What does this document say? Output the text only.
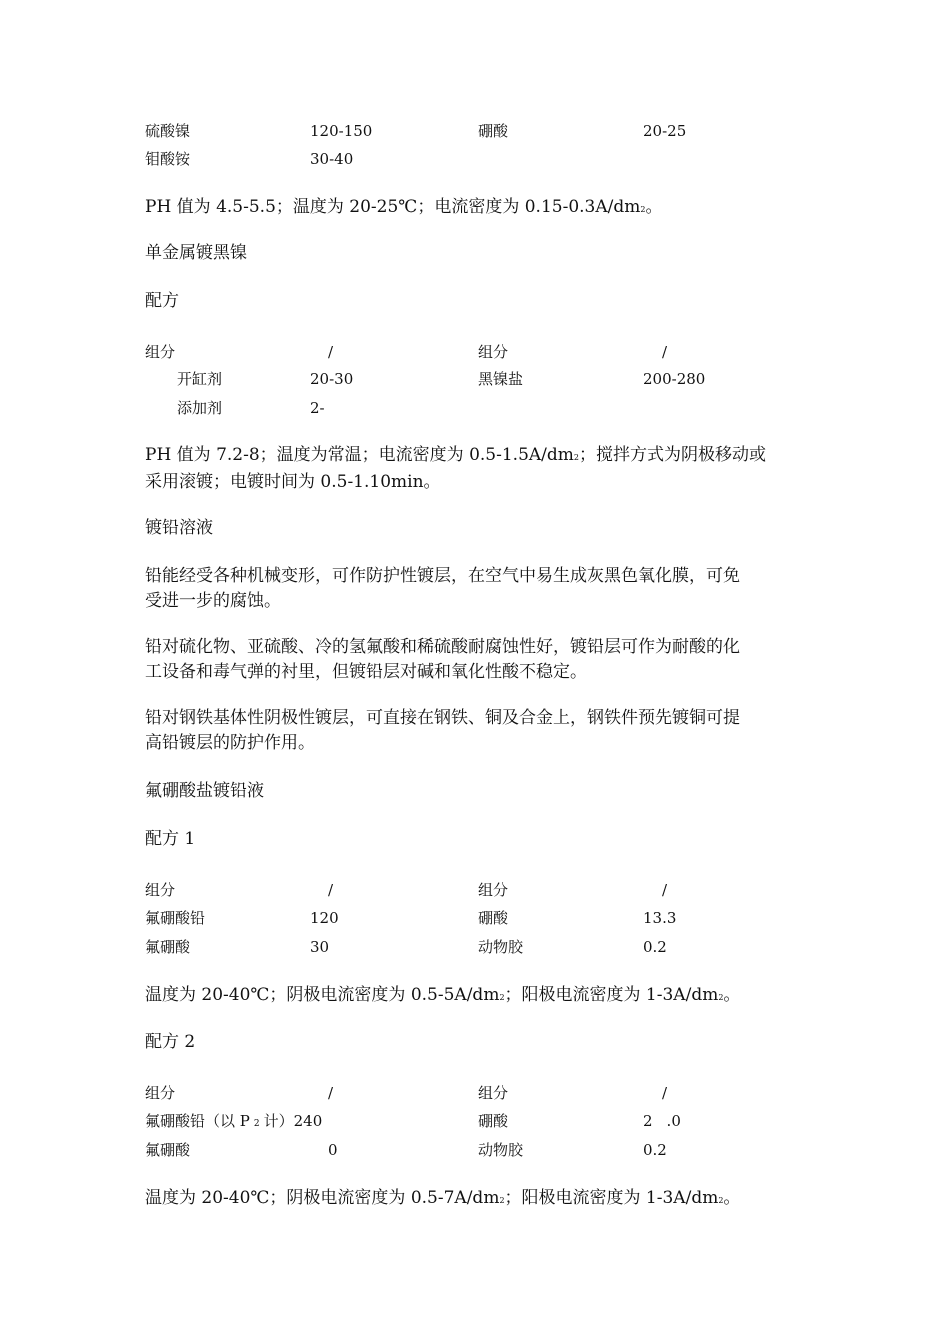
硫酸镍	120-150	硼酸	20-25
钼酸铵	30-40
PH 值为 4.5-5.5；温度为 20-25℃；电流密度为 0.15-0.3A/dm2。
单金属镀黑镍
配方
组分	/	组分	/
开缸剂	20-30	黑镍盐	200-280
添加剂	2-
PH 值为 7.2-8；温度为常温；电流密度为 0.5-1.5A/dm2；搅拌方式为阴极移动或
采用滚镀；电镀时间为 0.5-1.10min。
镀铅溶液
铅能经受各种机械变形，可作防护性镀层，在空气中易生成灰黑色氧化膜，可免
受进一步的腐蚀。
铅对硫化物、亚硫酸、冷的氢氟酸和稀硫酸耐腐蚀性好，镀铅层可作为耐酸的化
工设备和毒气弹的衬里，但镀铅层对碱和氧化性酸不稳定。
铅对钢铁基体性阴极性镀层，可直接在钢铁、铜及合金上，钢铁件预先镀铜可提
高铅镀层的防护作用。
氟硼酸盐镀铅液
配方 1
组分	/	组分	/
氟硼酸铅	120	硼酸	13.3
氟硼酸	30	动物胶	0.2
温度为 20-40℃；阴极电流密度为 0.5-5A/dm2；阳极电流密度为 1-3A/dm2。
配方 2
组分	/	组分	/
氟硼酸铅（以 P 2 计）240	硼酸	2 .0
氟硼酸	0	动物胶	0.2
温度为 20-40℃；阴极电流密度为 0.5-7A/dm2；阳极电流密度为 1-3A/dm2。
